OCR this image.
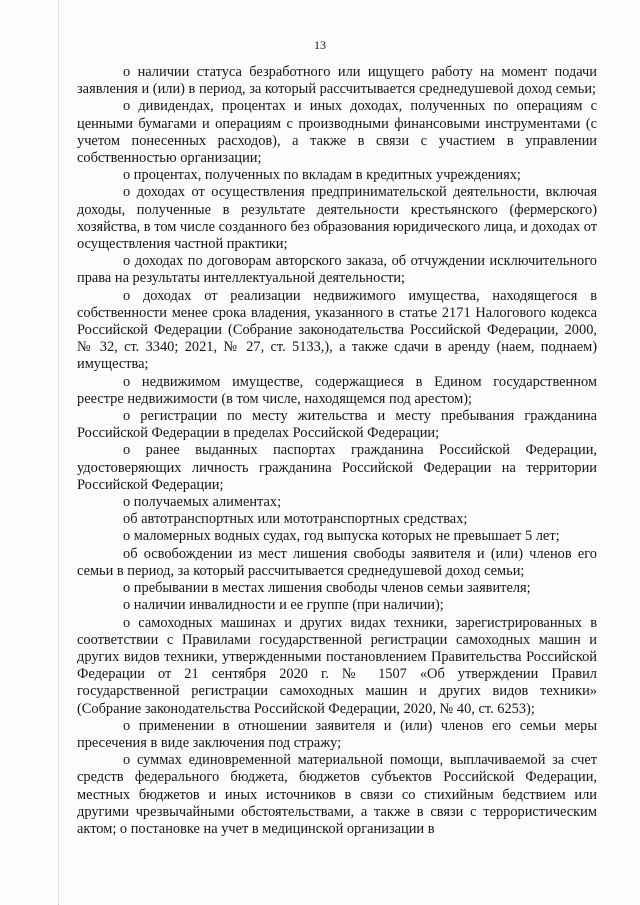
13

о наличии статуса безработного или ищущего работу на момент подачи заявления и (или) в период, за который рассчитывается среднедушевой доход семьи;

о дивидендах, процентах и иных доходах, полученных по операциям с ценными бумагами и операциям с производными финансовыми инструментами (с учетом понесенных расходов), а также в связи с участием в управлении собственностью организации;

о процентах, полученных по вкладам в кредитных учреждениях;

о доходах от осуществления предпринимательской деятельности, включая доходы, полученные в результате деятельности крестьянского (фермерского) хозяйства, в том числе созданного без образования юридического лица, и доходах от осуществления частной практики;

о доходах по договорам авторского заказа, об отчуждении исключительного права на результаты интеллектуальной деятельности;

о доходах от реализации недвижимого имущества, находящегося в собственности менее срока владения, указанного в статье 2171 Налогового кодекса Российской Федерации (Собрание законодательства Российской Федерации, 2000, № 32, ст. 3340; 2021, № 27, ст. 5133,), а также сдачи в аренду (наем, поднаем) имущества;

о недвижимом имуществе, содержащиеся в Едином государственном реестре недвижимости (в том числе, находящемся под арестом);

о регистрации по месту жительства и месту пребывания гражданина Российской Федерации в пределах Российской Федерации;

о ранее выданных паспортах гражданина Российской Федерации, удостоверяющих личность гражданина Российской Федерации на территории Российской Федерации;

о получаемых алиментах;

об автотранспортных или мототранспортных средствах;

о маломерных водных судах, год выпуска которых не превышает 5 лет;

об освобождении из мест лишения свободы заявителя и (или) членов его семьи в период, за который рассчитывается среднедушевой доход семьи;

о пребывании в местах лишения свободы членов семьи заявителя;

о наличии инвалидности и ее группе (при наличии);

о самоходных машинах и других видах техники, зарегистрированных в соответствии с Правилами государственной регистрации самоходных машин и других видов техники, утвержденными постановлением Правительства Российской Федерации от 21 сентября 2020 г. № 1507 «Об утверждении Правил государственной регистрации самоходных машин и других видов техники» (Собрание законодательства Российской Федерации, 2020, № 40, ст. 6253);

о применении в отношении заявителя и (или) членов его семьи меры пресечения в виде заключения под стражу;

о суммах единовременной материальной помощи, выплачиваемой за счет средств федерального бюджета, бюджетов субъектов Российской Федерации, местных бюджетов и иных источников в связи со стихийным бедствием или другими чрезвычайными обстоятельствами, а также в связи с террористическим актом; о постановке на учет в медицинской организации в
